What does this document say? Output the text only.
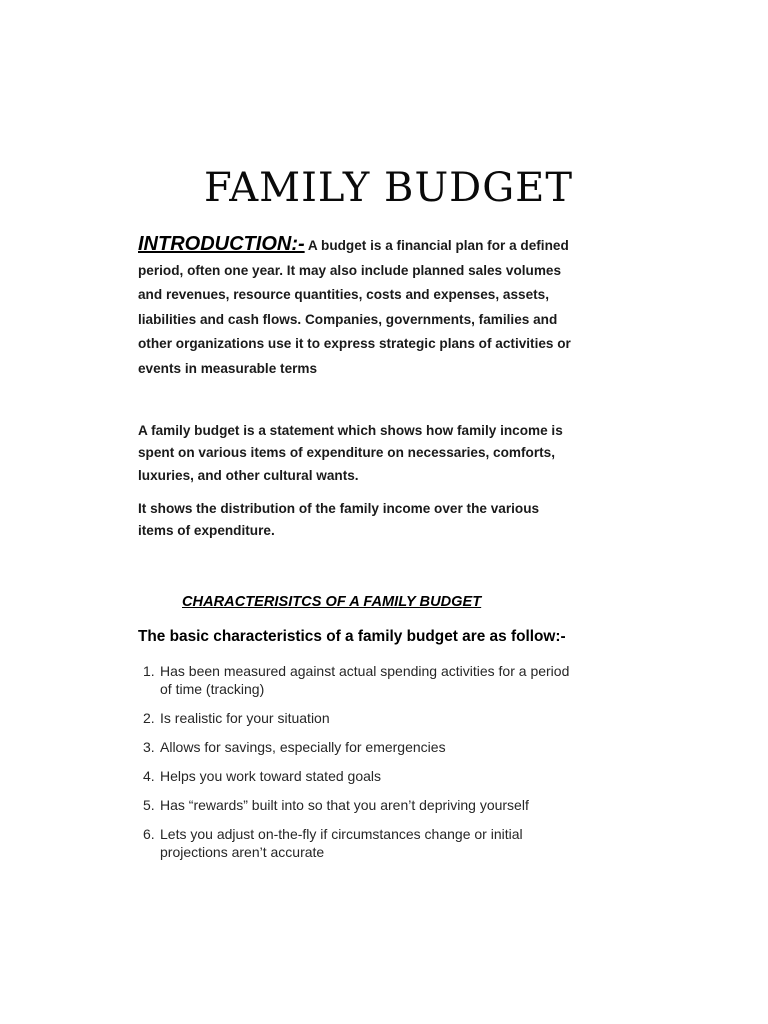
FAMILY BUDGET
INTRODUCTION:- A budget is a financial plan for a defined period, often one year. It may also include planned sales volumes and revenues, resource quantities, costs and expenses, assets, liabilities and cash flows. Companies, governments, families and other organizations use it to express strategic plans of activities or events in measurable terms
A family budget is a statement which shows how family income is spent on various items of expenditure on necessaries, comforts, luxuries, and other cultural wants.
It shows the distribution of the family income over the various items of expenditure.
CHARACTERISITCS OF A FAMILY BUDGET
The basic characteristics of a family budget are as follow:-
1. Has been measured against actual spending activities for a period of time (tracking)
2. Is realistic for your situation
3. Allows for savings, especially for emergencies
4. Helps you work toward stated goals
5. Has “rewards” built into so that you aren’t depriving yourself
6. Lets you adjust on-the-fly if circumstances change or initial projections aren’t accurate
